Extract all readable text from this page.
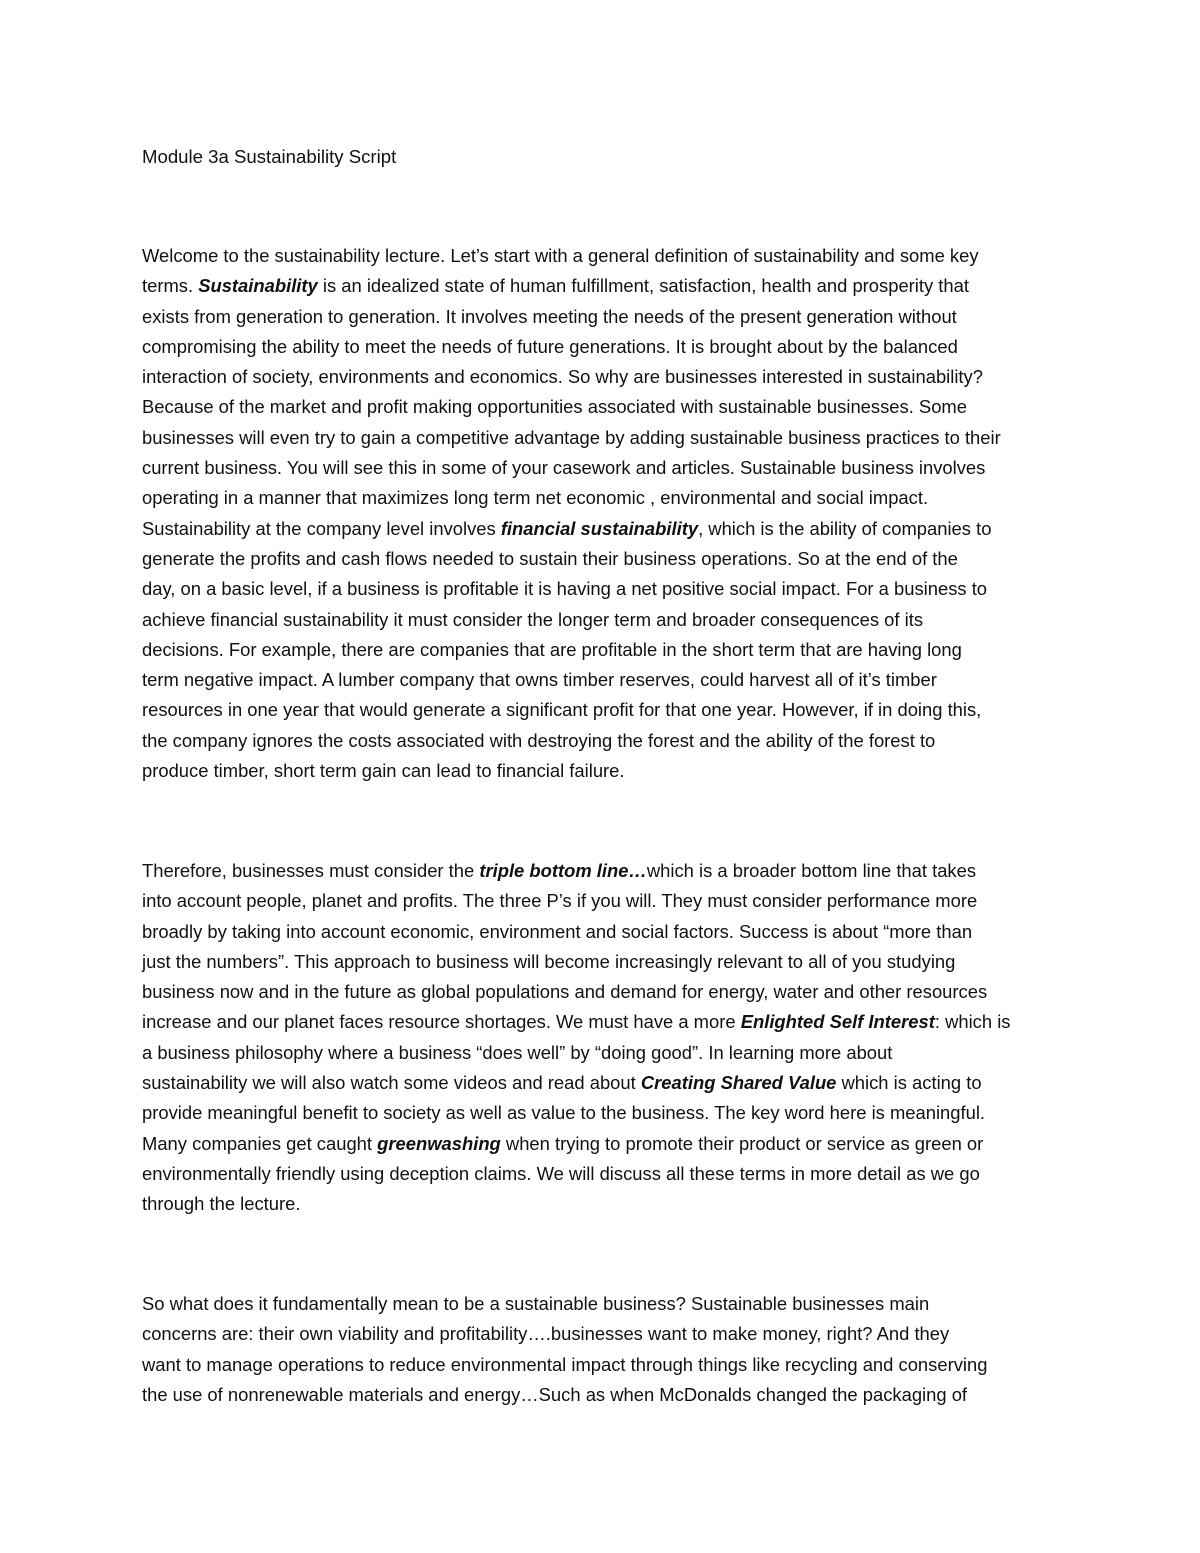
Module 3a Sustainability Script
Welcome to the sustainability lecture. Let’s start with a general definition of sustainability and some key
terms. Sustainability is an idealized state of human fulfillment, satisfaction, health and prosperity that
exists from generation to generation. It involves meeting the needs of the present generation without
compromising the ability to meet the needs of future generations. It is brought about by the balanced
interaction of society, environments and economics. So why are businesses interested in sustainability?
Because of the market and profit making opportunities associated with sustainable businesses. Some
businesses will even try to gain a competitive advantage by adding sustainable business practices to their
current business. You will see this in some of your casework and articles. Sustainable business involves
operating in a manner that maximizes long term net economic , environmental and social impact.
Sustainability at the company level involves financial sustainability, which is the ability of companies to
generate the profits and cash flows needed to sustain their business operations. So at the end of the
day, on a basic level, if a business is profitable it is having a net positive social impact. For a business to
achieve financial sustainability it must consider the longer term and broader consequences of its
decisions. For example, there are companies that are profitable in the short term that are having long
term negative impact. A lumber company that owns timber reserves, could harvest all of it’s timber
resources in one year that would generate a significant profit for that one year. However, if in doing this,
the company ignores the costs associated with destroying the forest and the ability of the forest to
produce timber, short term gain can lead to financial failure.
Therefore, businesses must consider the triple bottom line…which is a broader bottom line that takes
into account people, planet and profits. The three P’s if you will. They must consider performance more
broadly by taking into account economic, environment and social factors. Success is about “more than
just the numbers”. This approach to business will become increasingly relevant to all of you studying
business now and in the future as global populations and demand for energy, water and other resources
increase and our planet faces resource shortages. We must have a more Enlighted Self Interest: which is
a business philosophy where a business “does well” by “doing good”. In learning more about
sustainability we will also watch some videos and read about Creating Shared Value which is acting to
provide meaningful benefit to society as well as value to the business. The key word here is meaningful.
Many companies get caught greenwashing when trying to promote their product or service as green or
environmentally friendly using deception claims. We will discuss all these terms in more detail as we go
through the lecture.
So what does it fundamentally mean to be a sustainable business? Sustainable businesses main
concerns are: their own viability and profitability….businesses want to make money, right? And they
want to manage operations to reduce environmental impact through things like recycling and conserving
the use of nonrenewable materials and energy…Such as when McDonalds changed the packaging of
